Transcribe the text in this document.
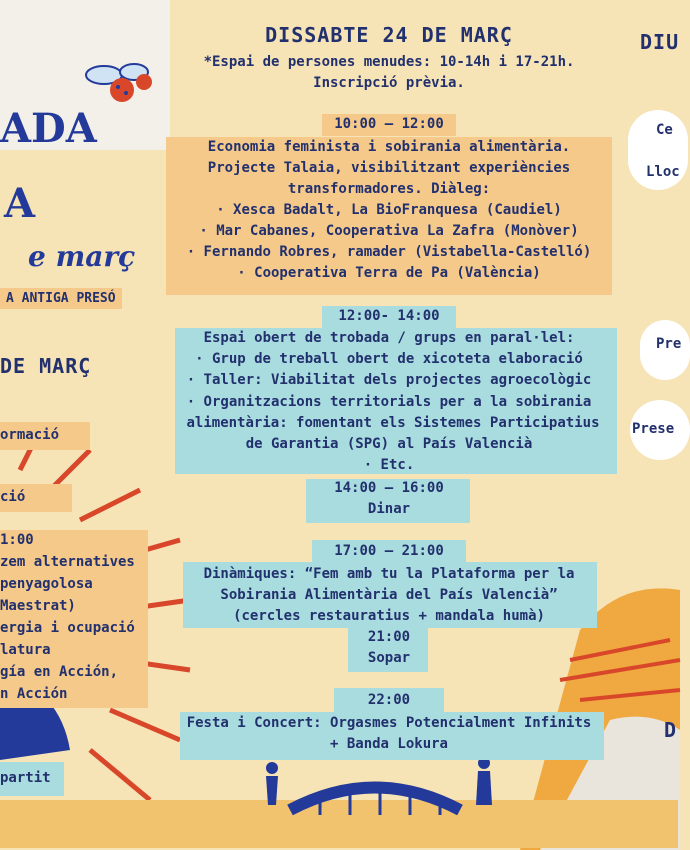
ADA
A
e març
A ANTIGA PRESÓ
DE MARÇ
ormació
ció
1:00
zem alternatives
penyagolosa
Maestrat)
ergia i ocupació
latura
gía en Acción,
n Acción
partit
DIU
Ce
Lloc
Pre
Prese
D
DISSABTE 24 DE MARÇ
*Espai de persones menudes: 10-14h i 17-21h.
Inscripció prèvia.
10:00 – 12:00
Economia feminista i sobirania alimentària.
Projecte Talaia, visibilitzant experiències
transformadores. Diàleg:
· Xesca Badalt, La BioFranquesa (Caudiel)
· Mar Cabanes, Cooperativa La Zafra (Monòver)
· Fernando Robres, ramader (Vistabella-Castelló)
· Cooperativa Terra de Pa (València)
12:00- 14:00
Espai obert de trobada / grups en paral·lel:
· Grup de treball obert de xicoteta elaboració
· Taller: Viabilitat dels projectes agroecològic
· Organitzacions territorials per a la sobirania
alimentària: fomentant els Sistemes Participatius
de Garantia (SPG) al País Valencià
· Etc.
14:00 – 16:00
Dinar
17:00 – 21:00
Dinàmiques: “Fem amb tu la Plataforma per la
Sobirania Alimentària del País Valencià”
(cercles restauratius + mandala humà)
21:00
Sopar
22:00
Festa i Concert: Orgasmes Potencialment Infinits
+ Banda Lokura
